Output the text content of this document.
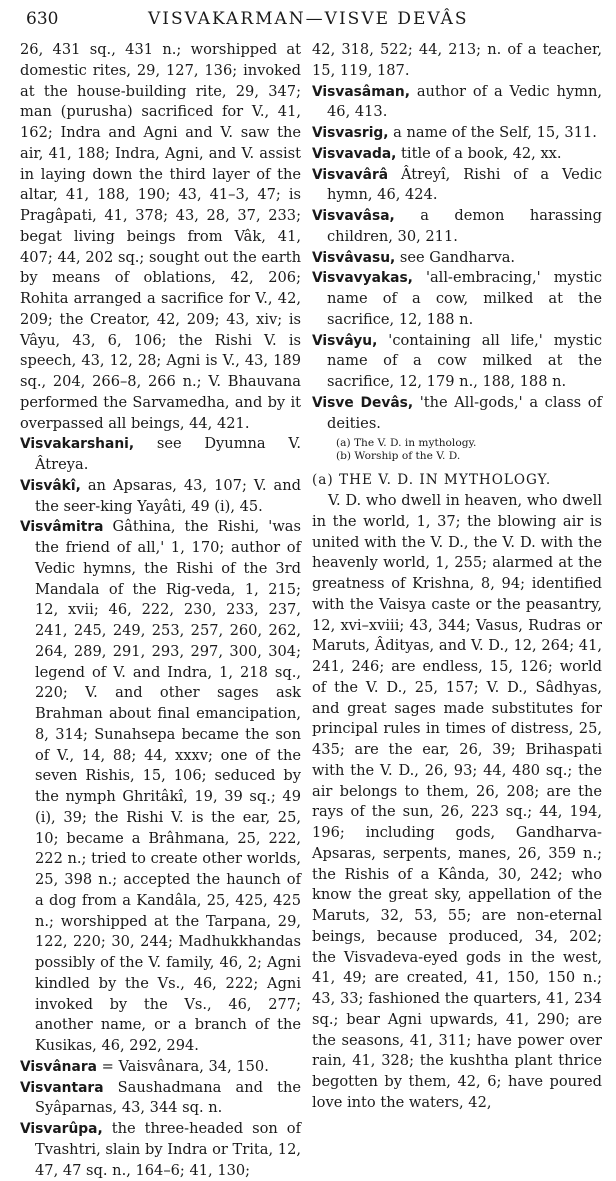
630	VISVAKARMAN—VISVE DEVÂS

26, 431 sq., 431 n.; worshipped at domestic rites, 29, 127, 136; invoked at the house-building rite, 29, 347; man (purusha) sacrificed for V., 41, 162; Indra and Agni and V. saw the air, 41, 188; Indra, Agni, and V. assist in laying down the third layer of the altar, 41, 188, 190; 43, 41–3, 47; is Pragâpati, 41, 378; 43, 28, 37, 233; begat living beings from Vâk, 41, 407; 44, 202 sq.; sought out the earth by means of oblations, 42, 206; Rohita arranged a sacrifice for V., 42, 209; the Creator, 42, 209; 43, xiv; is Vâyu, 43, 6, 106; the Rishi V. is speech, 43, 12, 28; Agni is V., 43, 189 sq., 204, 266–8, 266 n.; V. Bhauvana performed the Sarvamedha, and by it overpassed all beings, 44, 421.

Visvakarshani, see Dyumna V. Âtreya.

Visvâkî, an Apsaras, 43, 107; V. and the seer-king Yayâti, 49 (i), 45.

Visvâmitra Gâthina, the Rishi, 'was the friend of all,' 1, 170; author of Vedic hymns, the Rishi of the 3rd Mandala of the Rig-veda, 1, 215; 12, xvii; 46, 222, 230, 233, 237, 241, 245, 249, 253, 257, 260, 262, 264, 289, 291, 293, 297, 300, 304; legend of V. and Indra, 1, 218 sq., 220; V. and other sages ask Brahman about final emancipation, 8, 314; Sunahsepa became the son of V., 14, 88; 44, xxxv; one of the seven Rishis, 15, 106; seduced by the nymph Ghritâkî, 19, 39 sq.; 49 (i), 39; the Rishi V. is the ear, 25, 10; became a Brâhmana, 25, 222, 222 n.; tried to create other worlds, 25, 398 n.; accepted the haunch of a dog from a Kandâla, 25, 425, 425 n.; worshipped at the Tarpana, 29, 122, 220; 30, 244; Madhukkhandas possibly of the V. family, 46, 2; Agni kindled by the Vs., 46, 222; Agni invoked by the Vs., 46, 277; another name, or a branch of the Kusikas, 46, 292, 294.

Visvânara = Vaisvânara, 34, 150.

Visvantara Saushadmana and the Syâparnas, 43, 344 sq. n.

Visvarûpa, the three-headed son of Tvashtri, slain by Indra or Trita, 12, 47, 47 sq. n., 164–6; 41, 130;

42, 318, 522; 44, 213; n. of a teacher, 15, 119, 187.

Visvasâman, author of a Vedic hymn, 46, 413.

Visvasrig, a name of the Self, 15, 311.

Visvavada, title of a book, 42, xx.

Visvavârâ Âtreyî, Rishi of a Vedic hymn, 46, 424.

Visvavâsa, a demon harassing children, 30, 211.

Visvâvasu, see Gandharva.

Visvavyakas, 'all-embracing,' mystic name of a cow, milked at the sacrifice, 12, 188 n.

Visvâyu, 'containing all life,' mystic name of a cow milked at the sacrifice, 12, 179 n., 188, 188 n.

Visve Devâs, 'the All-gods,' a class of deities.

(a) The V. D. in mythology.

(b) Worship of the V. D.

(a) THE V. D. IN MYTHOLOGY.

V. D. who dwell in heaven, who dwell in the world, 1, 37; the blowing air is united with the V. D., the V. D. with the heavenly world, 1, 255; alarmed at the greatness of Krishna, 8, 94; identified with the Vaisya caste or the peasantry, 12, xvi–xviii; 43, 344; Vasus, Rudras or Maruts, Âdityas, and V. D., 12, 264; 41, 241, 246; are endless, 15, 126; world of the V. D., 25, 157; V. D., Sâdhyas, and great sages made substitutes for principal rules in times of distress, 25, 435; are the ear, 26, 39; Brihaspati with the V. D., 26, 93; 44, 480 sq.; the air belongs to them, 26, 208; are the rays of the sun, 26, 223 sq.; 44, 194, 196; including gods, Gandharva-Apsaras, serpents, manes, 26, 359 n.; the Rishis of a Kânda, 30, 242; who know the great sky, appellation of the Maruts, 32, 53, 55; are non-eternal beings, because produced, 34, 202; the Visvadeva-eyed gods in the west, 41, 49; are created, 41, 150, 150 n.; 43, 33; fashioned the quarters, 41, 234 sq.; bear Agni upwards, 41, 290; are the seasons, 41, 311; have power over rain, 41, 328; the kushtha plant thrice begotten by them, 42, 6; have poured love into the waters, 42,
